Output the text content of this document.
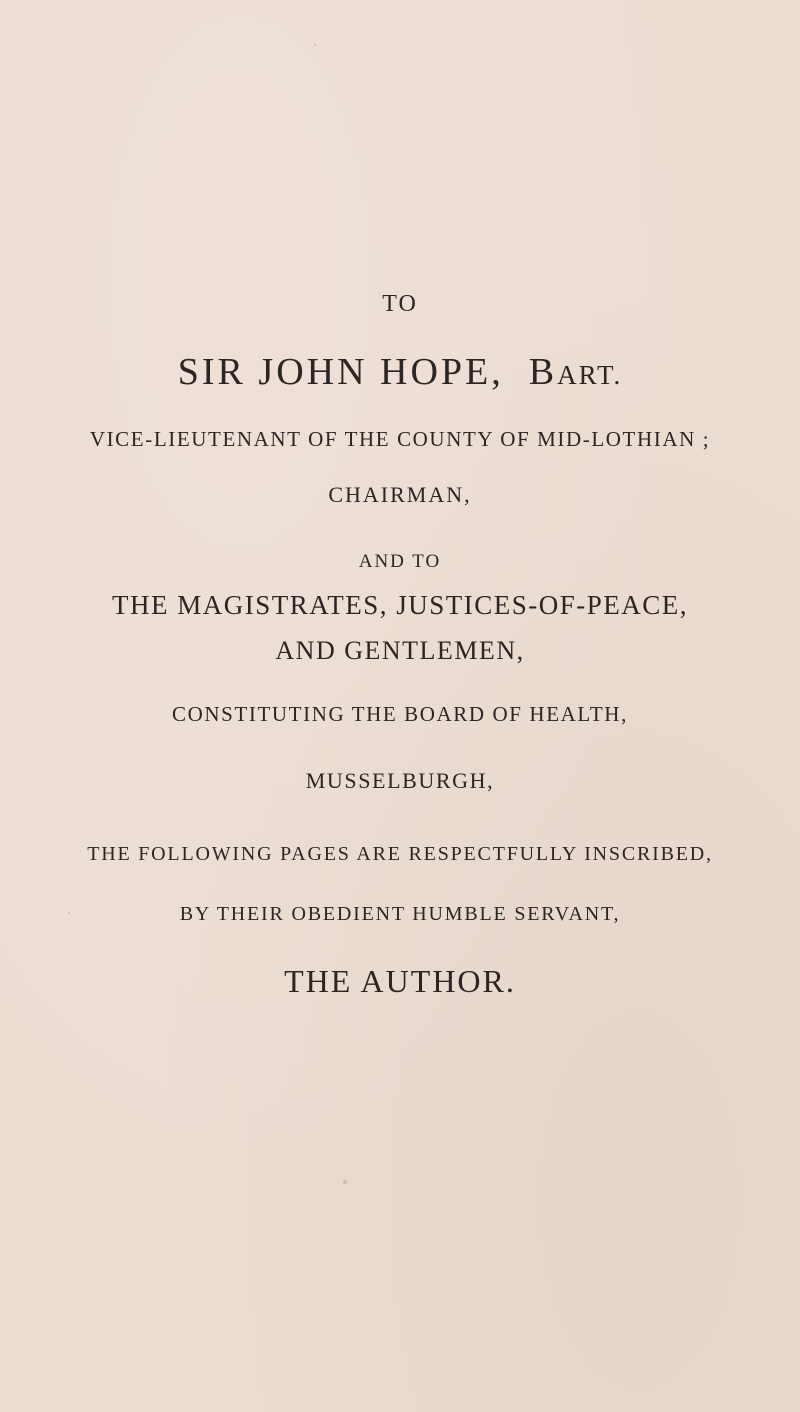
TO
SIR JOHN HOPE, BART.
VICE-LIEUTENANT OF THE COUNTY OF MID-LOTHIAN ;
CHAIRMAN,
AND TO
THE MAGISTRATES, JUSTICES-OF-PEACE,
AND GENTLEMEN,
CONSTITUTING THE BOARD OF HEALTH,
MUSSELBURGH,
THE FOLLOWING PAGES ARE RESPECTFULLY INSCRIBED,
BY THEIR OBEDIENT HUMBLE SERVANT,
THE AUTHOR.
